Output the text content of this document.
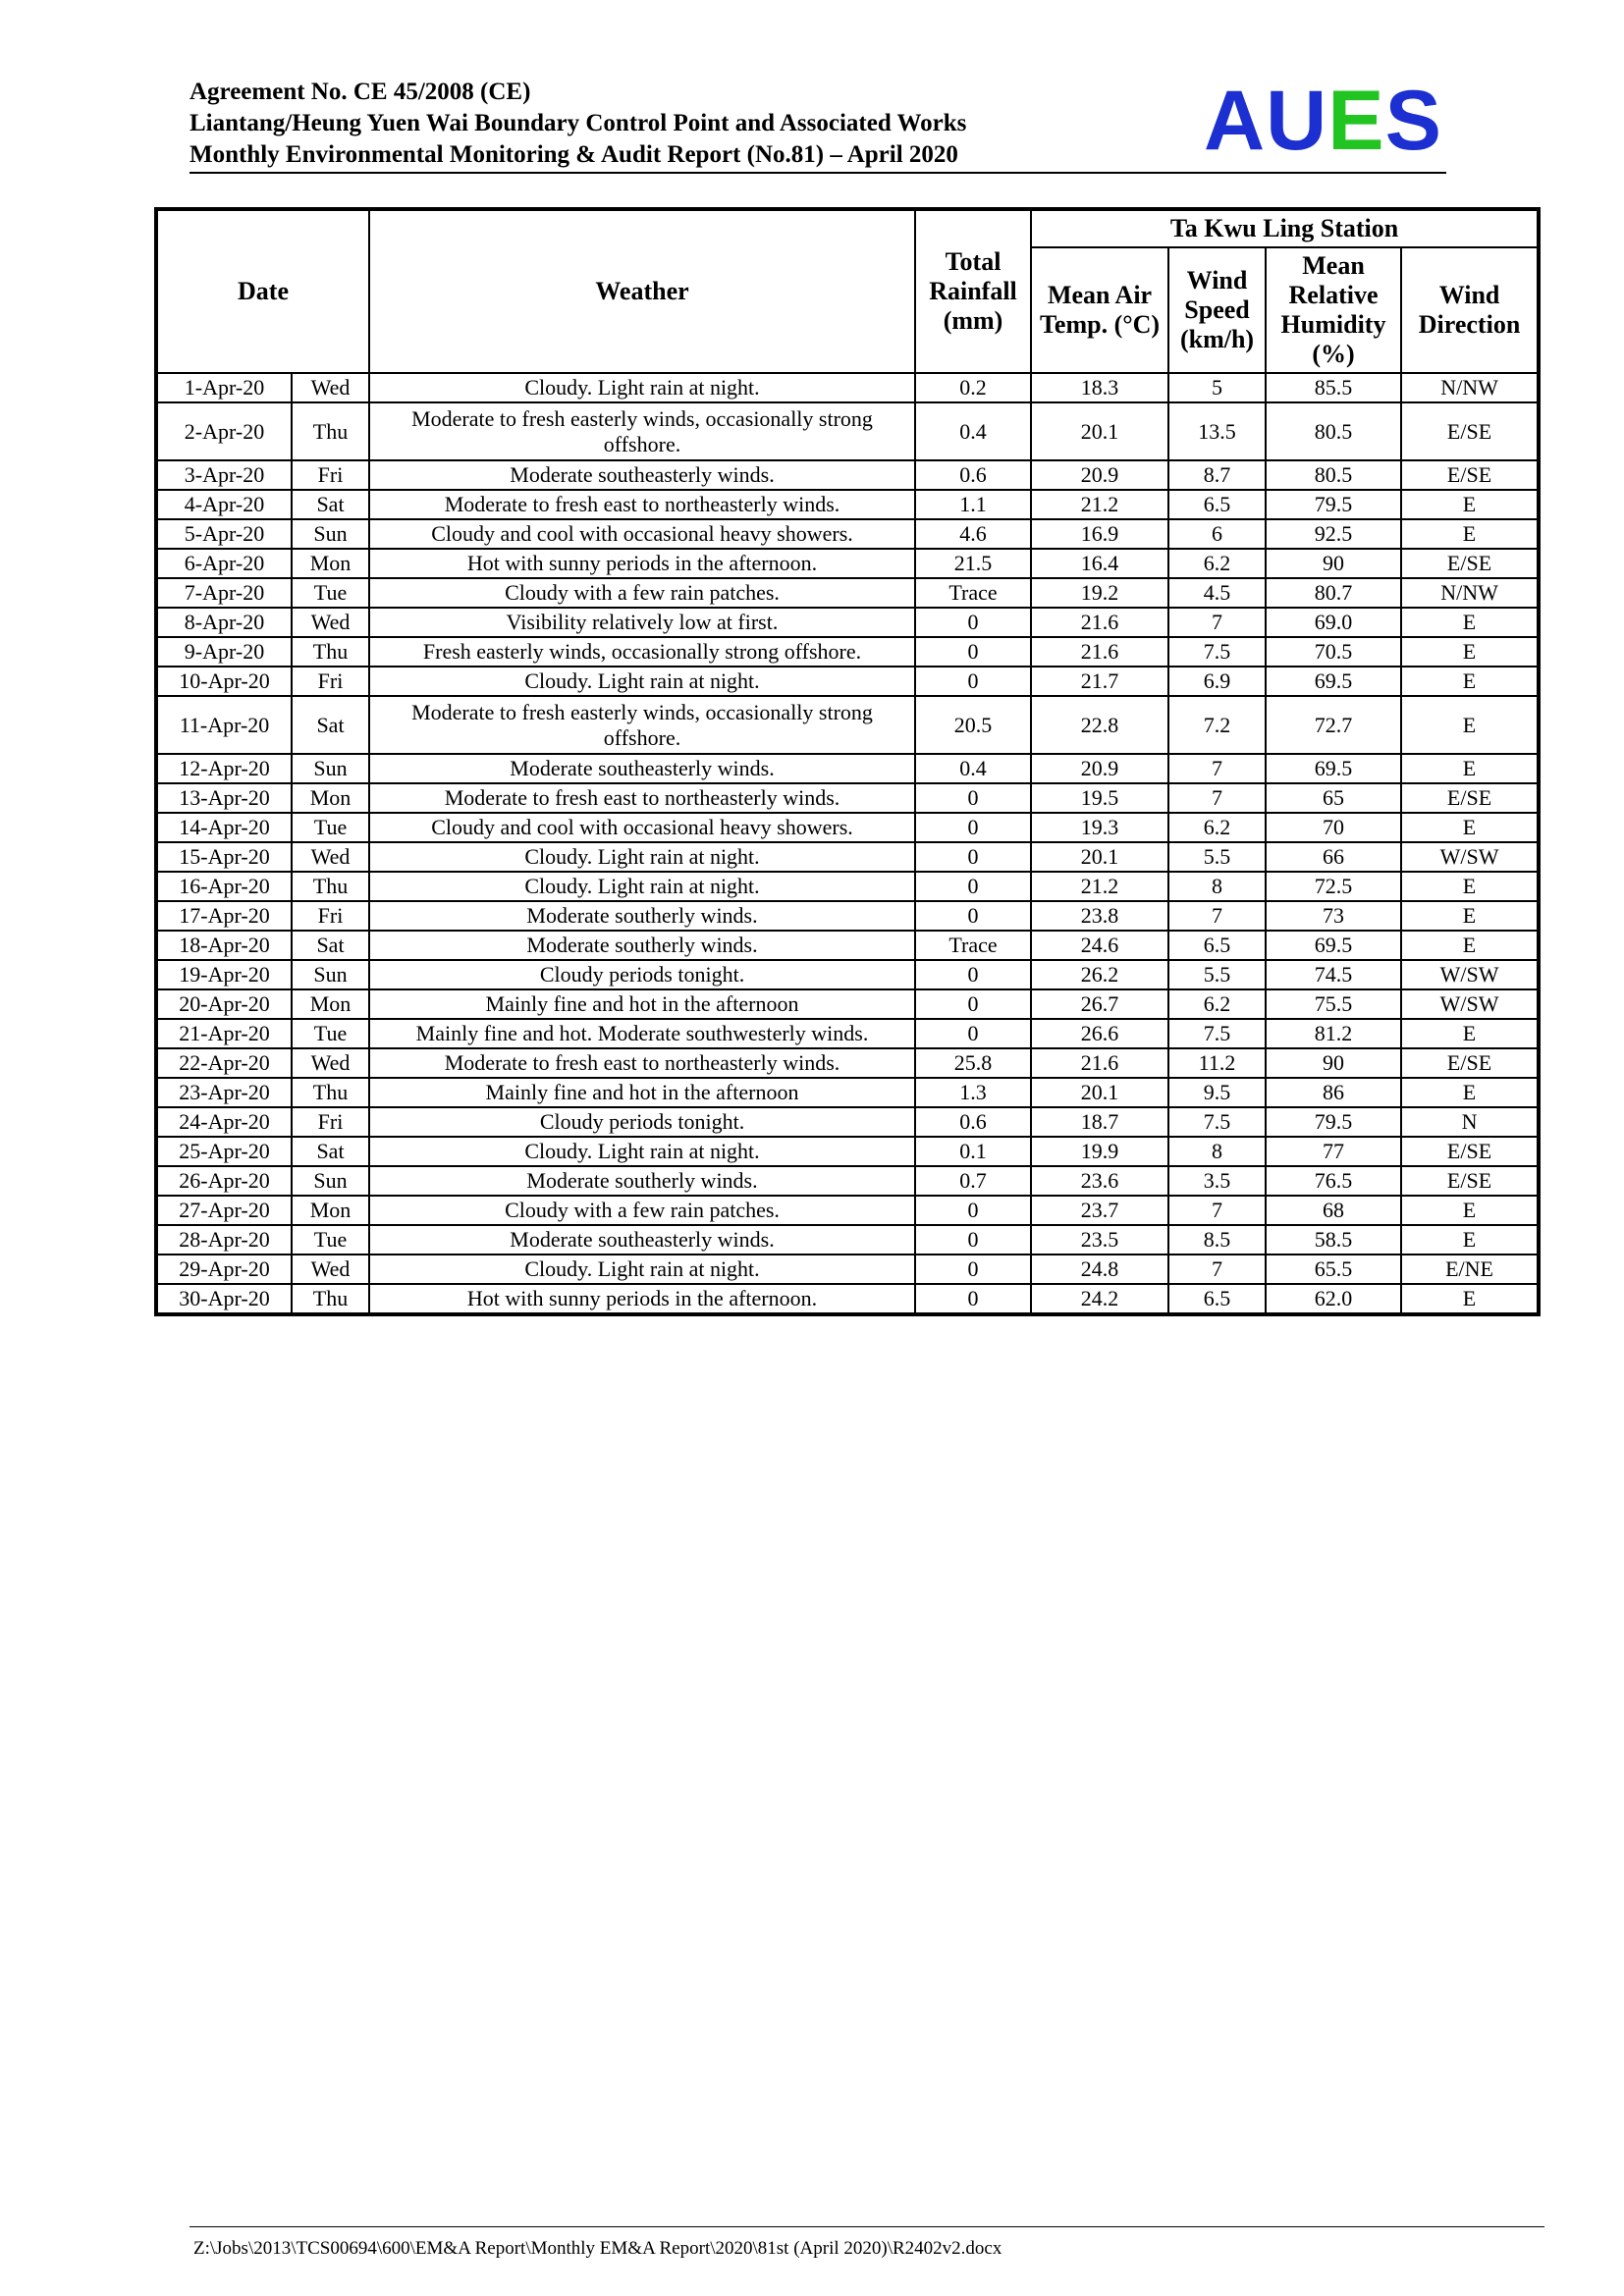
Agreement No. CE 45/2008 (CE)
Liantang/Heung Yuen Wai Boundary Control Point and Associated Works
Monthly Environmental Monitoring & Audit Report (No.81) – April 2020	AUES
Date		Weather	Total Rainfall (mm)	Ta Kwu Ling Station			
				Mean Air Temp. (°C)	Wind Speed (km/h)	Mean Relative Humidity (%)	Wind Direction
1-Apr-20	Wed	Cloudy. Light rain at night.	0.2	18.3	5	85.5	N/NW
2-Apr-20	Thu	Moderate to fresh easterly winds, occasionally strong offshore.	0.4	20.1	13.5	80.5	E/SE
3-Apr-20	Fri	Moderate southeasterly winds.	0.6	20.9	8.7	80.5	E/SE
4-Apr-20	Sat	Moderate to fresh east to northeasterly winds.	1.1	21.2	6.5	79.5	E
5-Apr-20	Sun	Cloudy and cool with occasional heavy showers.	4.6	16.9	6	92.5	E
6-Apr-20	Mon	Hot with sunny periods in the afternoon.	21.5	16.4	6.2	90	E/SE
7-Apr-20	Tue	Cloudy with a few rain patches.	Trace	19.2	4.5	80.7	N/NW
8-Apr-20	Wed	Visibility relatively low at first.	0	21.6	7	69.0	E
9-Apr-20	Thu	Fresh easterly winds, occasionally strong offshore.	0	21.6	7.5	70.5	E
10-Apr-20	Fri	Cloudy. Light rain at night.	0	21.7	6.9	69.5	E
11-Apr-20	Sat	Moderate to fresh easterly winds, occasionally strong offshore.	20.5	22.8	7.2	72.7	E
12-Apr-20	Sun	Moderate southeasterly winds.	0.4	20.9	7	69.5	E
13-Apr-20	Mon	Moderate to fresh east to northeasterly winds.	0	19.5	7	65	E/SE
14-Apr-20	Tue	Cloudy and cool with occasional heavy showers.	0	19.3	6.2	70	E
15-Apr-20	Wed	Cloudy. Light rain at night.	0	20.1	5.5	66	W/SW
16-Apr-20	Thu	Cloudy. Light rain at night.	0	21.2	8	72.5	E
17-Apr-20	Fri	Moderate southerly winds.	0	23.8	7	73	E
18-Apr-20	Sat	Moderate southerly winds.	Trace	24.6	6.5	69.5	E
19-Apr-20	Sun	Cloudy periods tonight.	0	26.2	5.5	74.5	W/SW
20-Apr-20	Mon	Mainly fine and hot in the afternoon	0	26.7	6.2	75.5	W/SW
21-Apr-20	Tue	Mainly fine and hot. Moderate southwesterly winds.	0	26.6	7.5	81.2	E
22-Apr-20	Wed	Moderate to fresh east to northeasterly winds.	25.8	21.6	11.2	90	E/SE
23-Apr-20	Thu	Mainly fine and hot in the afternoon	1.3	20.1	9.5	86	E
24-Apr-20	Fri	Cloudy periods tonight.	0.6	18.7	7.5	79.5	N
25-Apr-20	Sat	Cloudy. Light rain at night.	0.1	19.9	8	77	E/SE
26-Apr-20	Sun	Moderate southerly winds.	0.7	23.6	3.5	76.5	E/SE
27-Apr-20	Mon	Cloudy with a few rain patches.	0	23.7	7	68	E
28-Apr-20	Tue	Moderate southeasterly winds.	0	23.5	8.5	58.5	E
29-Apr-20	Wed	Cloudy. Light rain at night.	0	24.8	7	65.5	E/NE
30-Apr-20	Thu	Hot with sunny periods in the afternoon.	0	24.2	6.5	62.0	E
Z:\Jobs\2013\TCS00694\600\EM&A Report\Monthly EM&A Report\2020\81st (April 2020)\R2402v2.docx
